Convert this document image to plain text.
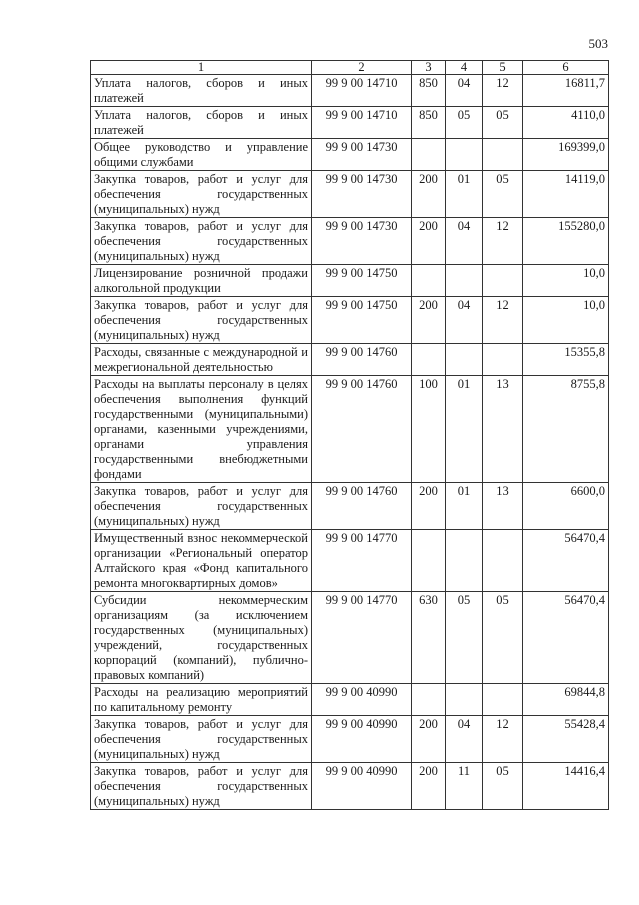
503
1	2	3	4	5	6
Уплата налогов, сборов и иных платежей	99 9 00 14710	850	04	12	16811,7
Уплата налогов, сборов и иных платежей	99 9 00 14710	850	05	05	4110,0
Общее руководство и управление общими службами	99 9 00 14730				169399,0
Закупка товаров, работ и услуг для обеспечения государственных (муниципальных) нужд	99 9 00 14730	200	01	05	14119,0
Закупка товаров, работ и услуг для обеспечения государственных (муниципальных) нужд	99 9 00 14730	200	04	12	155280,0
Лицензирование розничной продажи алкогольной продукции	99 9 00 14750				10,0
Закупка товаров, работ и услуг для обеспечения государственных (муниципальных) нужд	99 9 00 14750	200	04	12	10,0
Расходы, связанные с международной и межрегиональной деятельностью	99 9 00 14760				15355,8
Расходы на выплаты персоналу в целях обеспечения выполнения функций государственными (муниципальными) органами, казенными учреждениями, органами управления государственными внебюджетными фондами	99 9 00 14760	100	01	13	8755,8
Закупка товаров, работ и услуг для обеспечения государственных (муниципальных) нужд	99 9 00 14760	200	01	13	6600,0
Имущественный взнос некоммерческой организации «Региональный оператор Алтайского края «Фонд капитального ремонта многоквартирных домов»	99 9 00 14770				56470,4
Субсидии некоммерческим организациям (за исключением государственных (муниципальных) учреждений, государственных корпораций (компаний), публично-правовых компаний)	99 9 00 14770	630	05	05	56470,4
Расходы на реализацию мероприятий по капитальному ремонту	99 9 00 40990				69844,8
Закупка товаров, работ и услуг для обеспечения государственных (муниципальных) нужд	99 9 00 40990	200	04	12	55428,4
Закупка товаров, работ и услуг для обеспечения государственных (муниципальных) нужд	99 9 00 40990	200	11	05	14416,4
